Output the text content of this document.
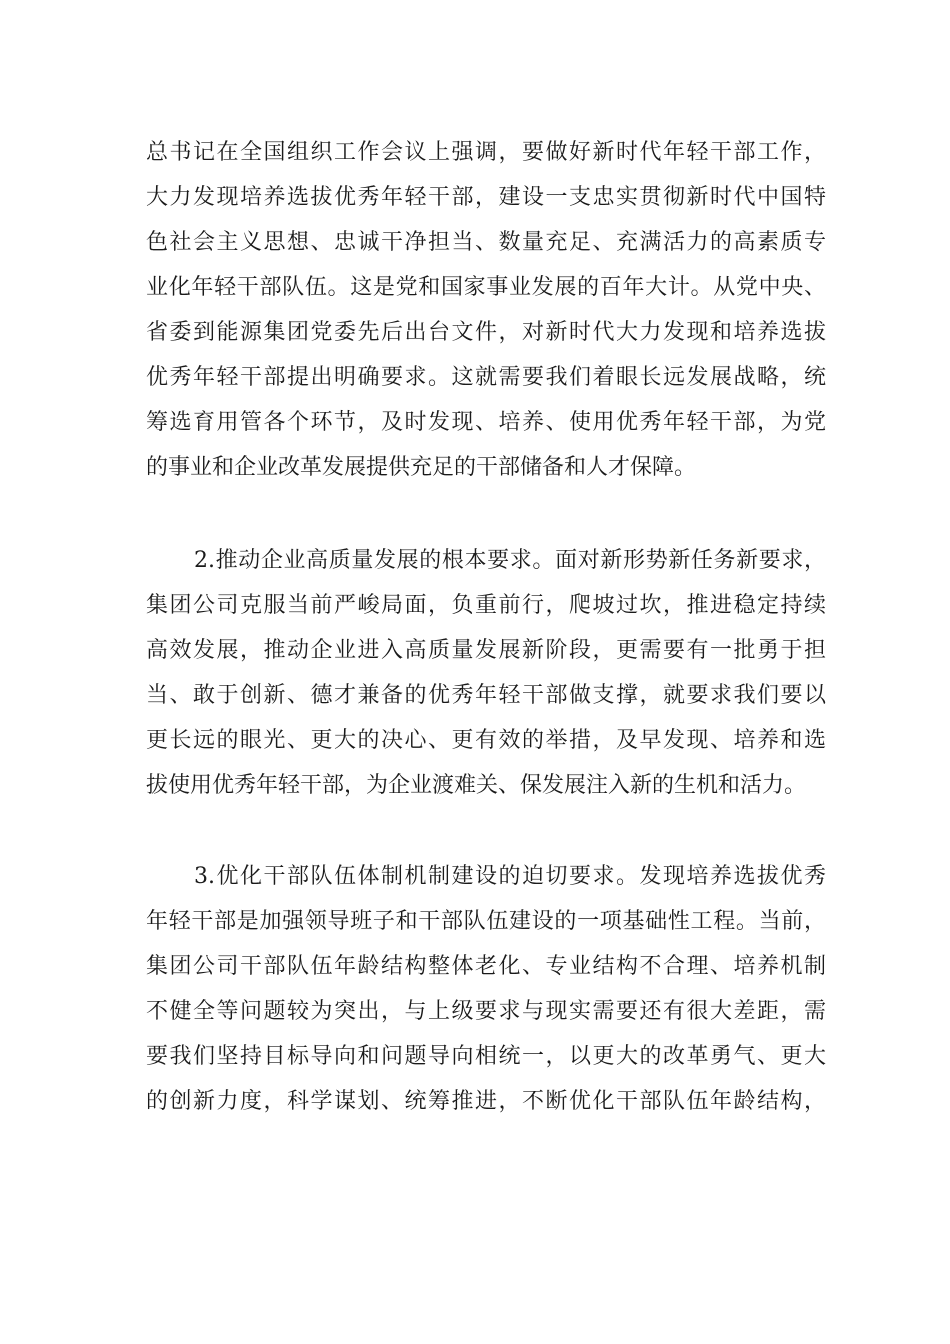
总书记在全国组织工作会议上强调，要做好新时代年轻干部工作，
大力发现培养选拔优秀年轻干部，建设一支忠实贯彻新时代中国特
色社会主义思想、忠诚干净担当、数量充足、充满活力的高素质专
业化年轻干部队伍。这是党和国家事业发展的百年大计。从党中央、
省委到能源集团党委先后出台文件，对新时代大力发现和培养选拔
优秀年轻干部提出明确要求。这就需要我们着眼长远发展战略，统
筹选育用管各个环节，及时发现、培养、使用优秀年轻干部，为党
的事业和企业改革发展提供充足的干部储备和人才保障。
2.推动企业高质量发展的根本要求。面对新形势新任务新要求，
集团公司克服当前严峻局面，负重前行，爬坡过坎，推进稳定持续
高效发展，推动企业进入高质量发展新阶段，更需要有一批勇于担
当、敢于创新、德才兼备的优秀年轻干部做支撑，就要求我们要以
更长远的眼光、更大的决心、更有效的举措，及早发现、培养和选
拔使用优秀年轻干部，为企业渡难关、保发展注入新的生机和活力。
3.优化干部队伍体制机制建设的迫切要求。发现培养选拔优秀
年轻干部是加强领导班子和干部队伍建设的一项基础性工程。当前，
集团公司干部队伍年龄结构整体老化、专业结构不合理、培养机制
不健全等问题较为突出，与上级要求与现实需要还有很大差距，需
要我们坚持目标导向和问题导向相统一，以更大的改革勇气、更大
的创新力度，科学谋划、统筹推进，不断优化干部队伍年龄结构，
